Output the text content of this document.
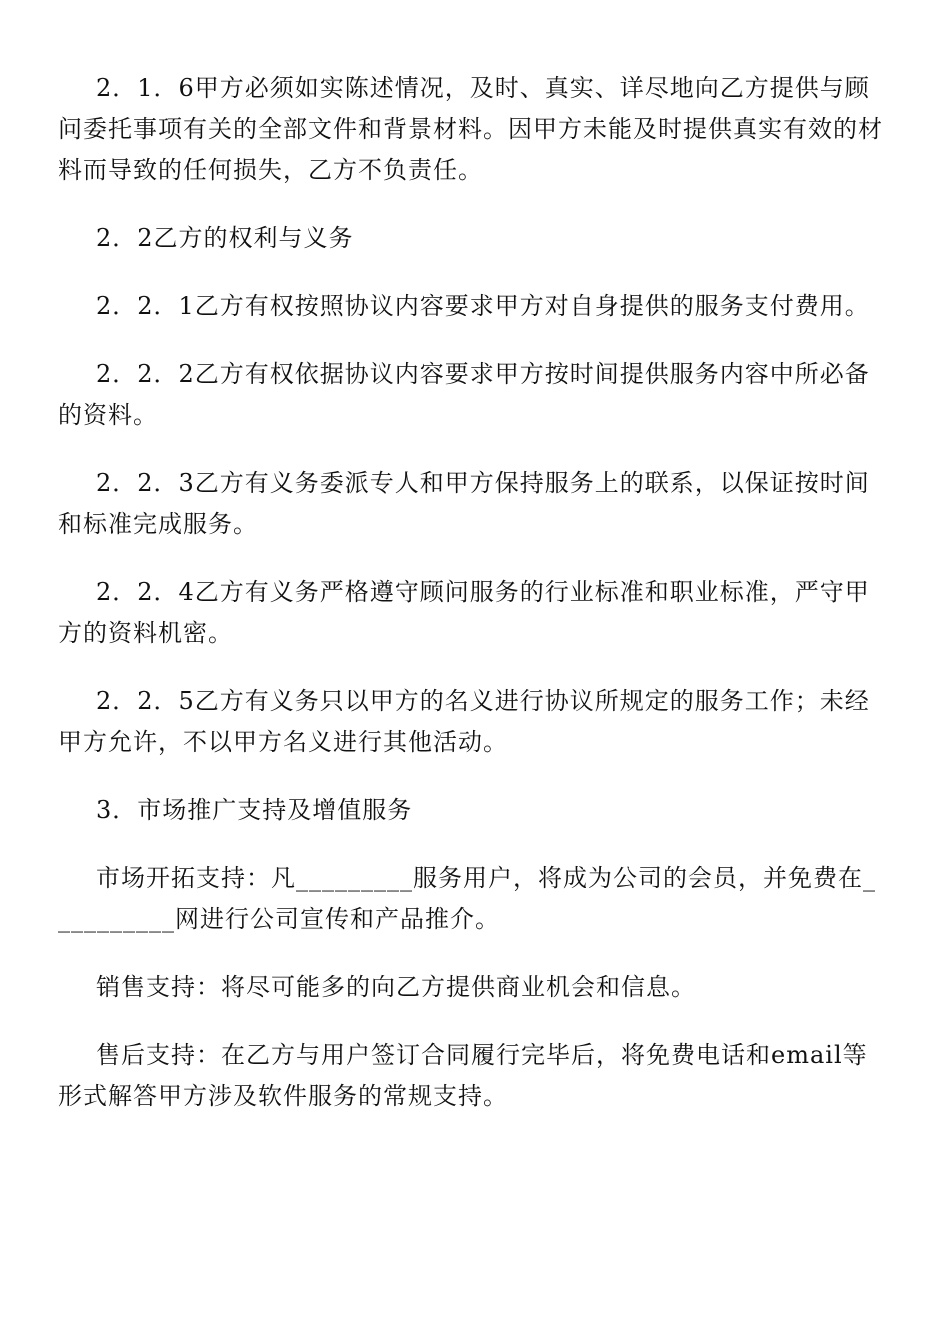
2．1．6甲方必须如实陈述情况，及时、真实、详尽地向乙方提供与顾问委托事项有关的全部文件和背景材料。因甲方未能及时提供真实有效的材料而导致的任何损失，乙方不负责任。

2．2乙方的权利与义务

2．2．1乙方有权按照协议内容要求甲方对自身提供的服务支付费用。

2．2．2乙方有权依据协议内容要求甲方按时间提供服务内容中所必备的资料。

2．2．3乙方有义务委派专人和甲方保持服务上的联系，以保证按时间和标准完成服务。

2．2．4乙方有义务严格遵守顾问服务的行业标准和职业标准，严守甲方的资料机密。

2．2．5乙方有义务只以甲方的名义进行协议所规定的服务工作；未经甲方允许，不以甲方名义进行其他活动。

3．市场推广支持及增值服务

市场开拓支持：凡_________服务用户，将成为公司的会员，并免费在__________网进行公司宣传和产品推介。

销售支持：将尽可能多的向乙方提供商业机会和信息。

售后支持：在乙方与用户签订合同履行完毕后，将免费电话和email等形式解答甲方涉及软件服务的常规支持。
